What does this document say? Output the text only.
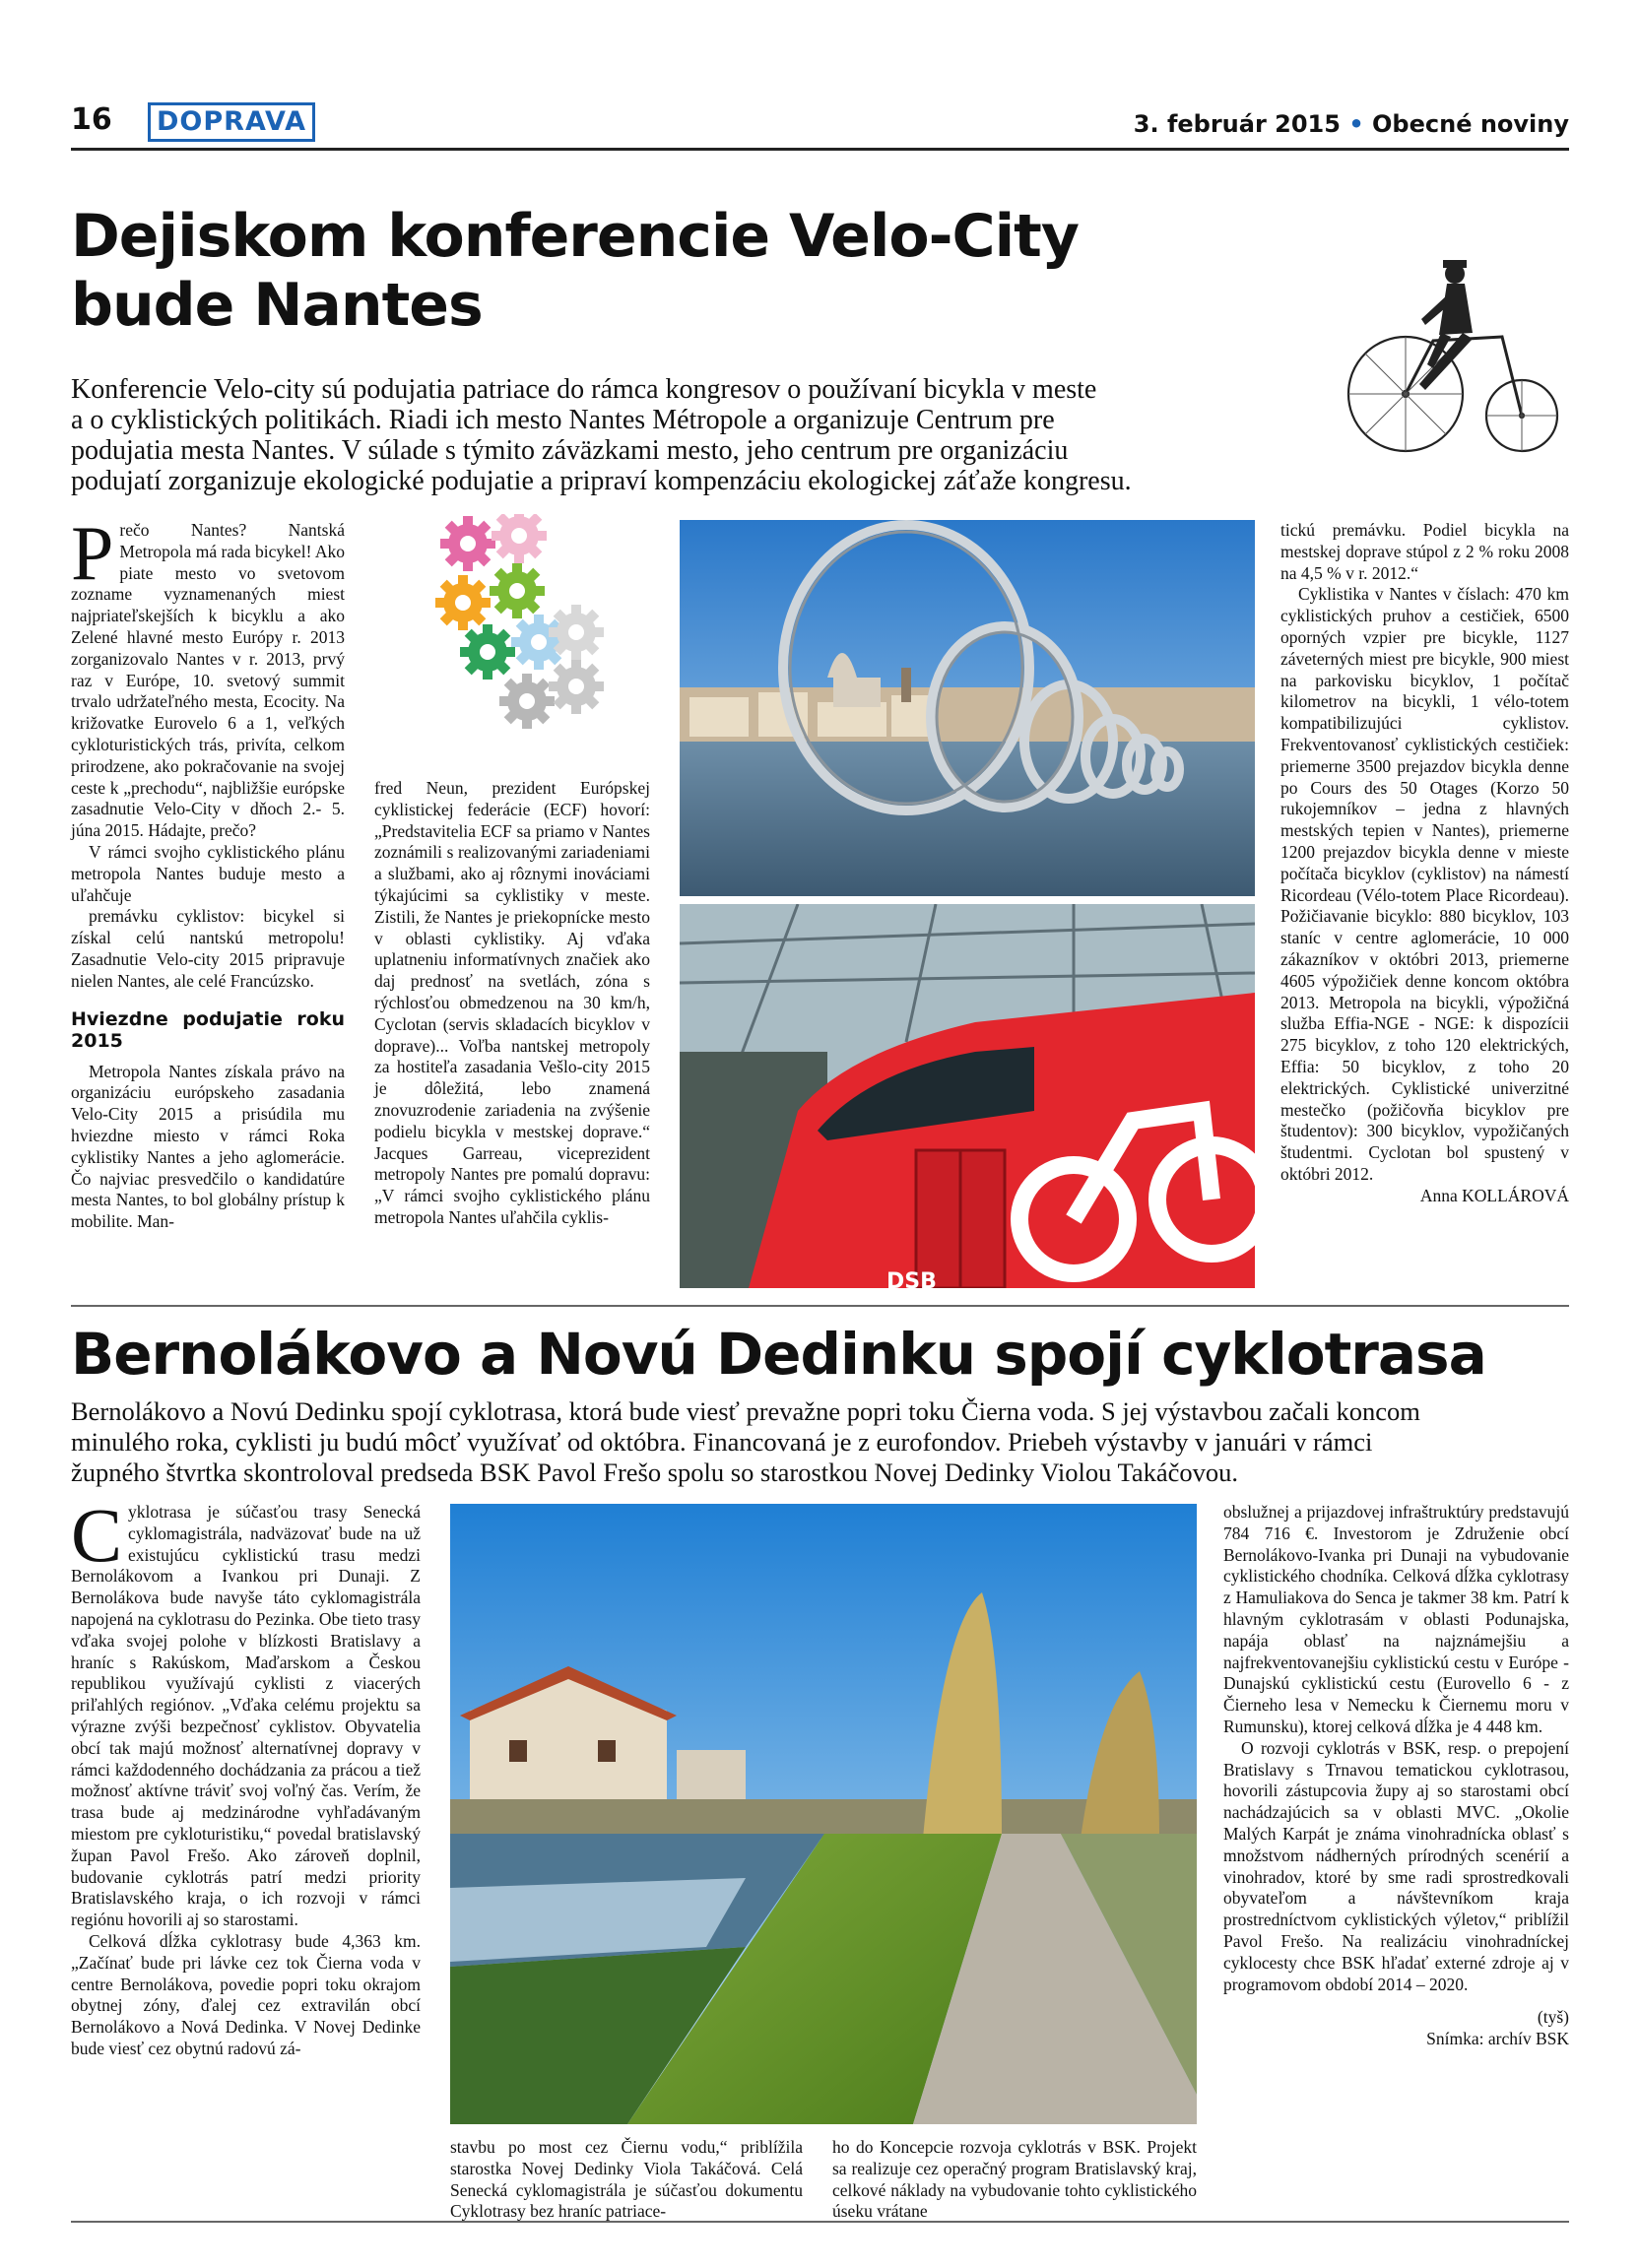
16	DOPRAVA	3. február 2015 • Obecné noviny
Dejiskom konferencie Velo-City
bude Nantes
Konferencie Velo-city sú podujatia patriace do rámca kongresov o používaní bicykla v meste
a o cyklistických politikách. Riadi ich mesto Nantes Métropole a organizuje Centrum pre
podujatia mesta Nantes. V súlade s týmito záväzkami mesto, jeho centrum pre organizáciu
podujatí zorganizuje ekologické podujatie a pripraví kompenzáciu ekologickej záťaže kongresu.

Prečo Nantes? Nantská Metropola má rada bicykel! Ako piate mesto vo svetovom zozname vyznamenaných miest najpriateľskejších k bicyklu a ako Zelené hlavné mesto Európy r. 2013 zorganizovalo Nantes v r. 2013, prvý raz v Európe, 10. svetový summit trvalo udržateľného mesta, Ecocity. Na križovatke Eurovelo 6 a 1, veľkých cykloturistických trás, privíta, celkom prirodzene, ako pokračovanie na svojej ceste k „prechodu“, najbližšie európske zasadnutie Velo-City v dňoch 2.- 5. júna 2015. Hádajte, prečo?

V rámci svojho cyklistického plánu metropola Nantes buduje mesto a uľahčuje

premávku cyklistov: bicykel si získal celú nantskú metropolu! Zasadnutie Velo-city 2015 pripravuje nielen Nantes, ale celé Francúzsko.

Hviezdne podujatie roku 2015

Metropola Nantes získala právo na organizáciu európskeho zasadania Velo-City 2015 a prisúdila mu hviezdne miesto v rámci Roka cyklistiky Nantes a jeho aglomerácie. Čo najviac presvedčilo o kandidatúre mesta Nantes, to bol globálny prístup k mobilite. Man-

fred Neun, prezident Európskej cyklistickej federácie (ECF) hovorí: „Predstavitelia ECF sa priamo v Nantes zoznámili s realizovanými zariadeniami a službami, ako aj rôznymi inováciami týkajúcimi sa cyklistiky v meste. Zistili, že Nantes je priekopnícke mesto v oblasti cyklistiky. Aj vďaka uplatneniu informatívnych značiek ako daj prednosť na svetlách, zóna s rýchlosťou obmedzenou na 30 km/h, Cyclotan (servis skladacích bicyklov v doprave)... Voľba nantskej metropoly za hostiteľa zasadania Vešlo-city 2015 je dôležitá, lebo znamená znovuzrodenie zariadenia na zvýšenie podielu bicykla v mestskej doprave.“ Jacques Garreau, viceprezident metropoly Nantes pre pomalú dopravu: „V rámci svojho cyklistického plánu metropola Nantes uľahčila cyklis-

DSB

tickú premávku. Podiel bicykla na mestskej doprave stúpol z 2 % roku 2008 na 4,5 % v r. 2012.“

Cyklistika v Nantes v číslach: 470 km cyklistických pruhov a cestičiek, 6500 oporných vzpier pre bicykle, 1127 záveterných miest pre bicykle, 900 miest na parkovisku bicyklov, 1 počítač kilometrov na bicykli, 1 vélo-totem kompatibilizujúci cyklistov. Frekventovanosť cyklistických cestičiek: priemerne 3500 prejazdov bicykla denne po Cours des 50 Otages (Korzo 50 rukojemníkov – jedna z hlavných mestských tepien v Nantes), priemerne 1200 prejazdov bicykla denne v mieste počítača bicyklov (cyklistov) na námestí Ricordeau (Vélo-totem Place Ricordeau). Požičiavanie bicyklo: 880 bicyklov, 103 staníc v centre aglomerácie, 10 000 zákazníkov v októbri 2013, priemerne 4605 výpožičiek denne koncom októbra 2013. Metropola na bicykli, výpožičná služba Effia-NGE - NGE: k dispozícii 275 bicyklov, z toho 120 elektrických, Effia: 50 bicyklov, z toho 20 elektrických. Cyklistické univerzitné mestečko (požičovňa bicyklov pre študentov): 300 bicyklov, vypožičaných študentmi. Cyclotan bol spustený v októbri 2012.

Anna KOLLÁROVÁ
Bernolákovo a Novú Dedinku spojí cyklotrasa
Bernolákovo a Novú Dedinku spojí cyklotrasa, ktorá bude viesť prevažne popri toku Čierna voda. S jej výstavbou začali koncom
minulého roka, cyklisti ju budú môcť využívať od októbra. Financovaná je z eurofondov. Priebeh výstavby v januári v rámci
župného štvrtka skontroloval predseda BSK Pavol Frešo spolu so starostkou Novej Dedinky Violou Takáčovou.

Cyklotrasa je súčasťou trasy Senecká cyklomagistrála, nadväzovať bude na už existujúcu cyklistickú trasu medzi Bernolákovom a Ivankou pri Dunaji. Z Bernolákova bude navyše táto cyklomagistrála napojená na cyklotrasu do Pezinka. Obe tieto trasy vďaka svojej polohe v blízkosti Bratislavy a hraníc s Rakúskom, Maďarskom a Českou republikou využívajú cyklisti z viacerých priľahlých regiónov. „Vďaka celému projektu sa výrazne zvýši bezpečnosť cyklistov. Obyvatelia obcí tak majú možnosť alternatívnej dopravy v rámci každodenného dochádzania za prácou a tiež možnosť aktívne tráviť svoj voľný čas. Verím, že trasa bude aj medzinárodne vyhľadávaným miestom pre cykloturistiku,“ povedal bratislavský župan Pavol Frešo. Ako zároveň doplnil, budovanie cyklotrás patrí medzi priority Bratislavského kraja, o ich rozvoji v rámci regiónu hovorili aj so starostami.

Celková dĺžka cyklotrasy bude 4,363 km. „Začínať bude pri lávke cez tok Čierna voda v centre Bernolákova, povedie popri toku okrajom obytnej zóny, ďalej cez extravilán obcí Bernolákovo a Nová Dedinka. V Novej Dedinke bude viesť cez obytnú radovú zá-

stavbu po most cez Čiernu vodu,“ priblížila starostka Novej Dedinky Viola Takáčová. Celá Senecká cyklomagistrála je súčasťou dokumentu Cyklotrasy bez hraníc patriace-

ho do Koncepcie rozvoja cyklotrás v BSK. Projekt sa realizuje cez operačný program Bratislavský kraj, celkové náklady na vybudovanie tohto cyklistického úseku vrátane

obslužnej a prijazdovej infraštruktúry predstavujú 784 716 €. Investorom je Združenie obcí Bernolákovo-Ivanka pri Dunaji na vybudovanie cyklistického chodníka. Celková dĺžka cyklotrasy z Hamuliakova do Senca je takmer 38 km. Patrí k hlavným cyklotrasám v oblasti Podunajska, napája oblasť na najznámejšiu a najfrekventovanejšiu cyklistickú cestu v Európe - Dunajskú cyklistickú cestu (Eurovello 6 - z Čierneho lesa v Nemecku k Čiernemu moru v Rumunsku), ktorej celková dĺžka je 4 448 km.

O rozvoji cyklotrás v BSK, resp. o prepojení Bratislavy s Trnavou tematickou cyklotrasou, hovorili zástupcovia župy aj so starostami obcí nachádzajúcich sa v oblasti MVC. „Okolie Malých Karpát je známa vinohradnícka oblasť s množstvom nádherných prírodných scenérií a vinohradov, ktoré by sme radi sprostredkovali obyvateľom a návštevníkom kraja prostredníctvom cyklistických výletov,“ priblížil Pavol Frešo. Na realizáciu vinohradníckej cyklocesty chce BSK hľadať externé zdroje aj v programovom období 2014 – 2020.

(tyš)
Snímka: archív BSK
